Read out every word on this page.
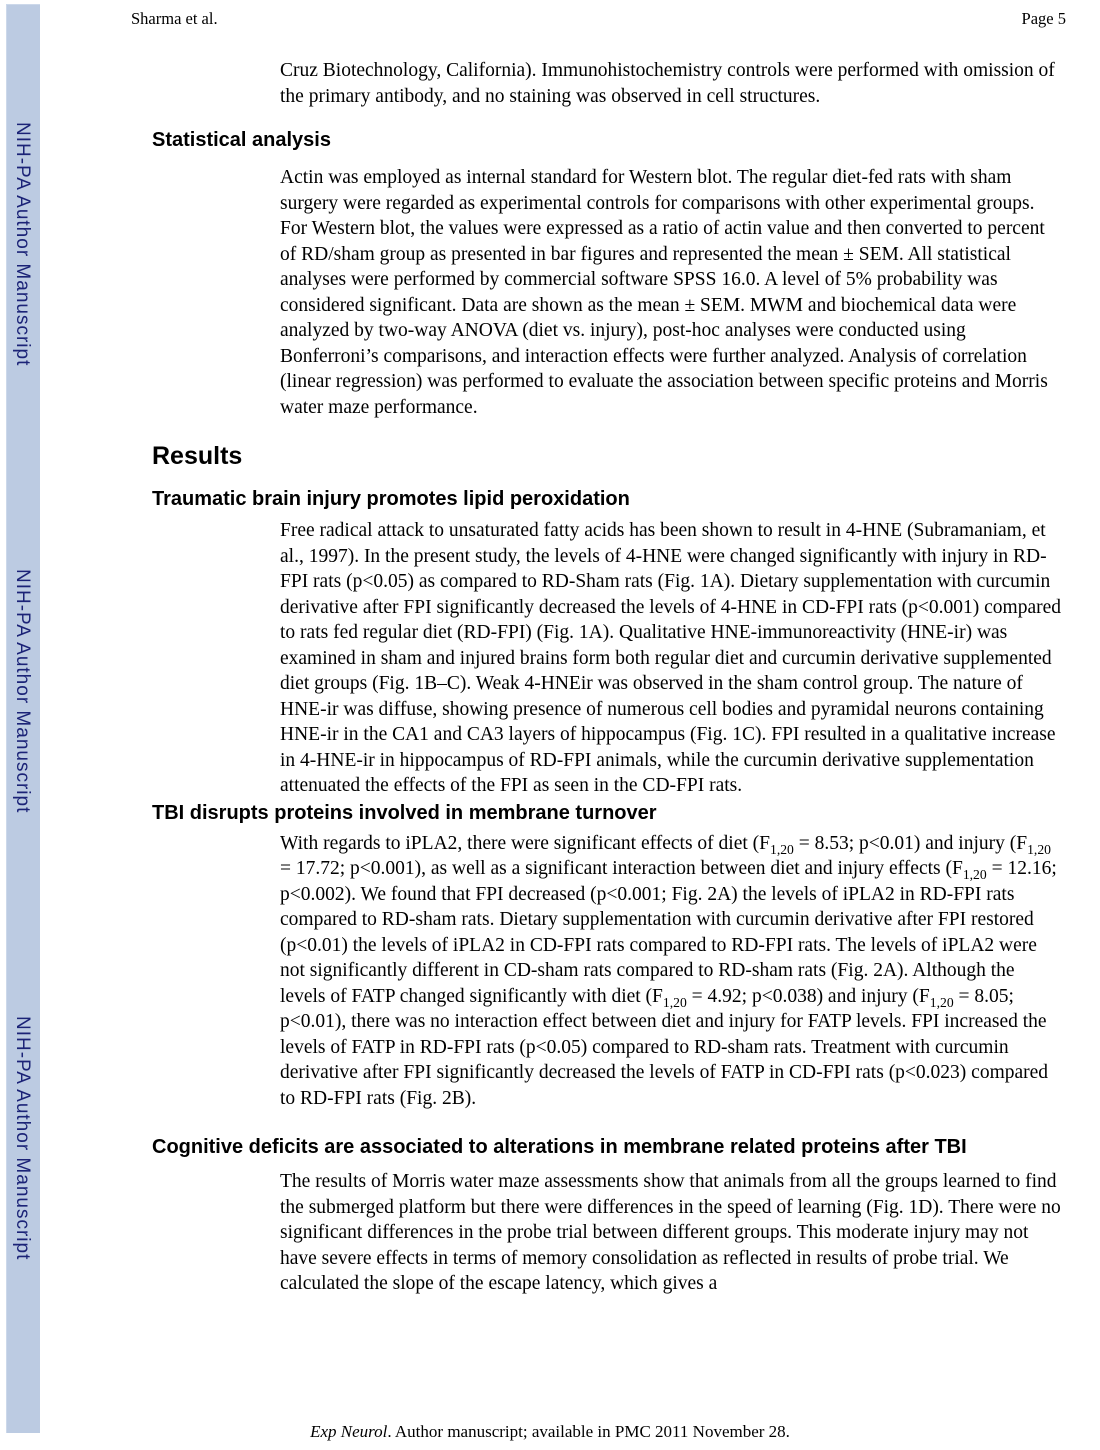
NIH-PA Author Manuscript
NIH-PA Author Manuscript
NIH-PA Author Manuscript
Sharma et al.	Page 5

Cruz Biotechnology, California). Immunohistochemistry controls were performed with omission of the primary antibody, and no staining was observed in cell structures.

Statistical analysis

Actin was employed as internal standard for Western blot. The regular diet-fed rats with sham surgery were regarded as experimental controls for comparisons with other experimental groups. For Western blot, the values were expressed as a ratio of actin value and then converted to percent of RD/sham group as presented in bar figures and represented the mean ± SEM. All statistical analyses were performed by commercial software SPSS 16.0. A level of 5% probability was considered significant. Data are shown as the mean ± SEM. MWM and biochemical data were analyzed by two-way ANOVA (diet vs. injury), post-hoc analyses were conducted using Bonferroni’s comparisons, and interaction effects were further analyzed. Analysis of correlation (linear regression) was performed to evaluate the association between specific proteins and Morris water maze performance.

Results
Traumatic brain injury promotes lipid peroxidation

Free radical attack to unsaturated fatty acids has been shown to result in 4-HNE (Subramaniam, et al., 1997). In the present study, the levels of 4-HNE were changed significantly with injury in RD-FPI rats (p<0.05) as compared to RD-Sham rats (Fig. 1A). Dietary supplementation with curcumin derivative after FPI significantly decreased the levels of 4-HNE in CD-FPI rats (p<0.001) compared to rats fed regular diet (RD-FPI) (Fig. 1A). Qualitative HNE-immunoreactivity (HNE-ir) was examined in sham and injured brains form both regular diet and curcumin derivative supplemented diet groups (Fig. 1B–C). Weak 4-HNEir was observed in the sham control group. The nature of HNE-ir was diffuse, showing presence of numerous cell bodies and pyramidal neurons containing HNE-ir in the CA1 and CA3 layers of hippocampus (Fig. 1C). FPI resulted in a qualitative increase in 4-HNE-ir in hippocampus of RD-FPI animals, while the curcumin derivative supplementation attenuated the effects of the FPI as seen in the CD-FPI rats.

TBI disrupts proteins involved in membrane turnover

With regards to iPLA2, there were significant effects of diet ($F_{1,20} = 8.53$; p<0.01) and injury ($F_{1,20} = 17.72$; p<0.001), as well as a significant interaction between diet and injury effects ($F_{1,20} = 12.16$; p<0.002). We found that FPI decreased (p<0.001; Fig. 2A) the levels of iPLA2 in RD-FPI rats compared to RD-sham rats. Dietary supplementation with curcumin derivative after FPI restored (p<0.01) the levels of iPLA2 in CD-FPI rats compared to RD-FPI rats. The levels of iPLA2 were not significantly different in CD-sham rats compared to RD-sham rats (Fig. 2A). Although the levels of FATP changed significantly with diet ($F_{1,20} = 4.92$; p<0.038) and injury ($F_{1,20} = 8.05$; p<0.01), there was no interaction effect between diet and injury for FATP levels. FPI increased the levels of FATP in RD-FPI rats (p<0.05) compared to RD-sham rats. Treatment with curcumin derivative after FPI significantly decreased the levels of FATP in CD-FPI rats (p<0.023) compared to RD-FPI rats (Fig. 2B).

Cognitive deficits are associated to alterations in membrane related proteins after TBI

The results of Morris water maze assessments show that animals from all the groups learned to find the submerged platform but there were differences in the speed of learning (Fig. 1D). There were no significant differences in the probe trial between different groups. This moderate injury may not have severe effects in terms of memory consolidation as reflected in results of probe trial. We calculated the slope of the escape latency, which gives a

Exp Neurol. Author manuscript; available in PMC 2011 November 28.
